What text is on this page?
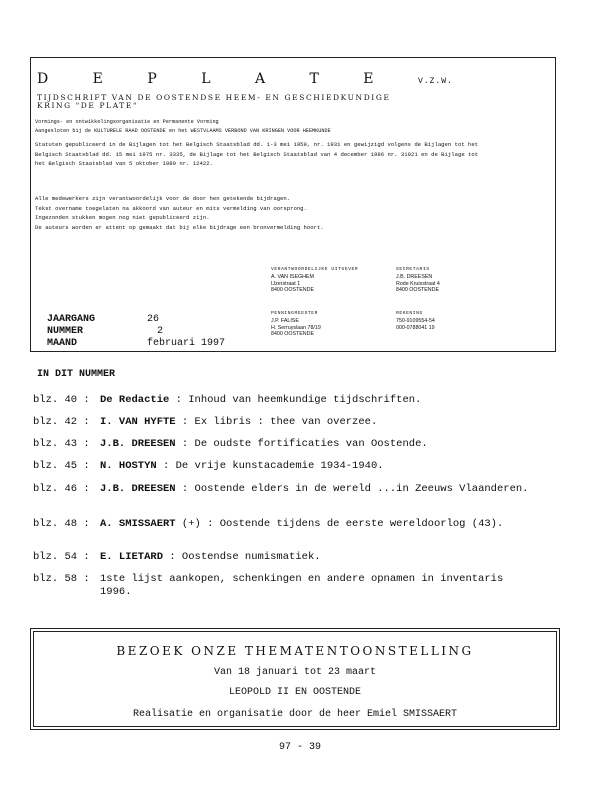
D E P L A T E	V.Z.W.
TIJDSCHRIFT VAN DE OOSTENDSE HEEM- EN GESCHIEDKUNDIGE
KRING "DE PLATE"
Vormings- en ontwikkelingsorganisatie en Permanente Vorming
Aangesloten bij de KULTURELE RAAD OOSTENDE en het WESTVLAAMS VERBOND VAN KRINGEN VOOR HEEMKUNDE
Statuten gepubliceerd in de Bijlagen tot het Belgisch Staatsblad dd. 1-3 mei 1959, nr. 1931 en gewijzigd volgens de Bijlagen tot het
Belgisch Staatsblad dd. 15 mei 1975 nr. 3335, de Bijlage tot het Belgisch Staatsblad van 4 december 1986 nr. 31021 en de Bijlage tot
het Belgisch Staatsblad van 5 oktober 1989 nr. 12422.
Alle medewerkers zijn verantwoordelijk voor de door hen getekende bijdragen.
Tekst overname toegelaten na akkoord van auteur en mits vermelding van oorsprong.
Ingezonden stukken mogen nog niet gepubliceerd zijn.
De auteurs worden er attent op gemaakt dat bij elke bijdrage een bronvermelding hoort.
VERANTWOORDELIJKE UITGEVER
A. VAN ISEGHEM
IJzerstraat 1
8400 OOSTENDE
SECRETARIS
J.B. DREESEN
Rode Kruisstraat 4
8400 OOSTENDE
PENNINGMEESTER
J.P. FALISE
H. Serruyslaan 78/19
8400 OOSTENDE
REKENING
750-9109554-54
000-0788041 19
JAARGANG
NUMMER
MAAND
26
2
februari 1997
IN DIT NUMMER
blz. 40 : De Redactie : Inhoud van heemkundige tijdschriften.
blz. 42 : I. VAN HYFTE : Ex libris : thee van overzee.
blz. 43 : J.B. DREESEN : De oudste fortificaties van Oostende.
blz. 45 : N. HOSTYN : De vrije kunstacademie 1934-1940.
blz. 46 : J.B. DREESEN : Oostende elders in de wereld ...in Zeeuws Vlaanderen.
blz. 48 : A. SMISSAERT (+) : Oostende tijdens de eerste wereldoorlog (43).
blz. 54 : E. LIETARD : Oostendse numismatiek.
blz. 58 : 1ste lijst aankopen, schenkingen en andere opnamen in inventaris 1996.
BEZOEK ONZE THEMATENTOONSTELLING
Van 18 januari tot 23 maart
LEOPOLD II EN OOSTENDE
Realisatie en organisatie door de heer Emiel SMISSAERT
97 - 39
